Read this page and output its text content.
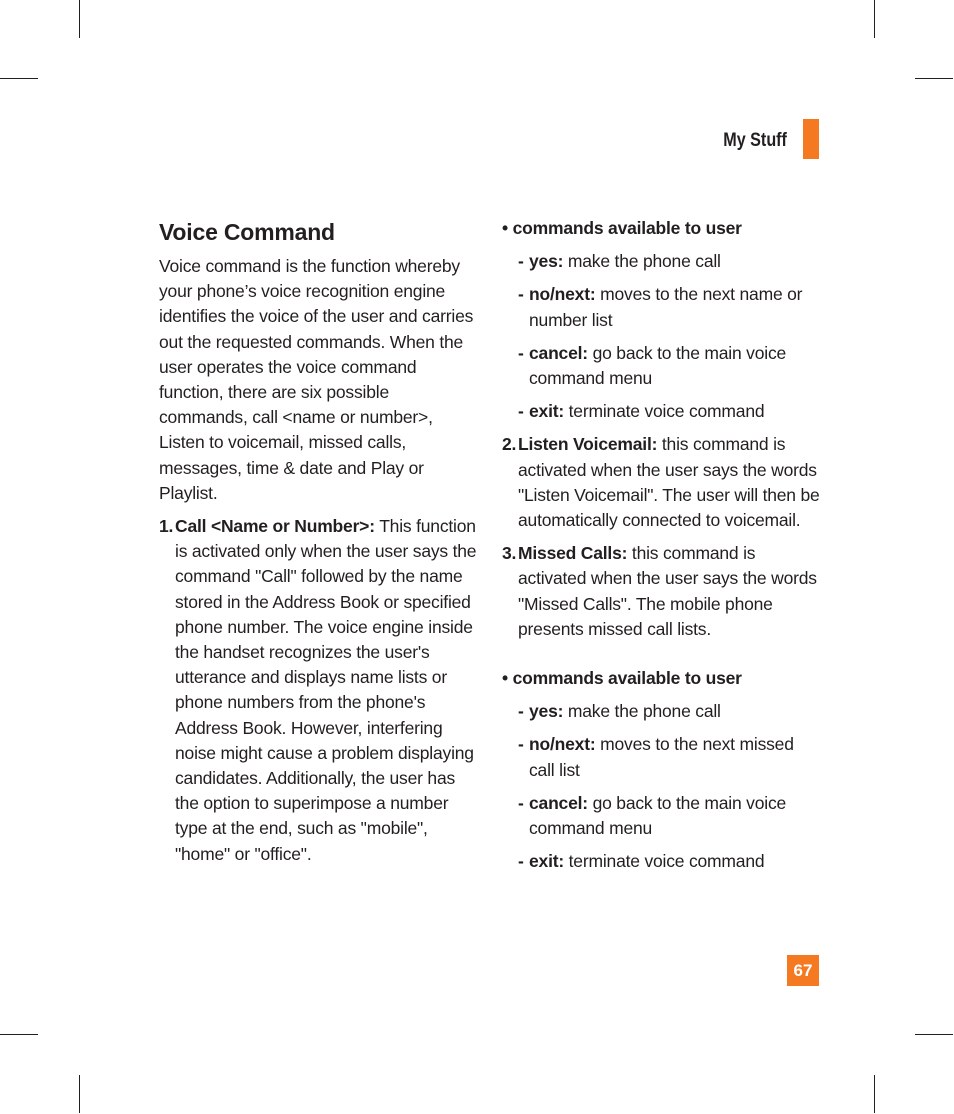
My Stuff
Voice Command

Voice command is the function whereby your phone’s voice recognition engine identifies the voice of the user and carries out the requested commands. When the user operates the voice command function, there are six possible commands, call <name or number>, Listen to voicemail, missed calls, messages, time & date and Play or Playlist.

1. Call <Name or Number>: This function is activated only when the user says the command "Call" followed by the name stored in the Address Book or specified phone number. The voice engine inside the handset recognizes the user's utterance and displays name lists or phone numbers from the phone's Address Book. However, interfering noise might cause a problem displaying candidates. Additionally, the user has the option to superimpose a number type at the end, such as "mobile", "home" or "office".
• commands available to user
- yes: make the phone call
- no/next: moves to the next name or number list
- cancel: go back to the main voice command menu
- exit: terminate voice command
2. Listen Voicemail: this command is activated when the user says the words "Listen Voicemail". The user will then be automatically connected to voicemail.
3. Missed Calls: this command is activated when the user says the words "Missed Calls". The mobile phone presents missed call lists.
• commands available to user
- yes: make the phone call
- no/next: moves to the next missed call list
- cancel: go back to the main voice command menu
- exit: terminate voice command
67
